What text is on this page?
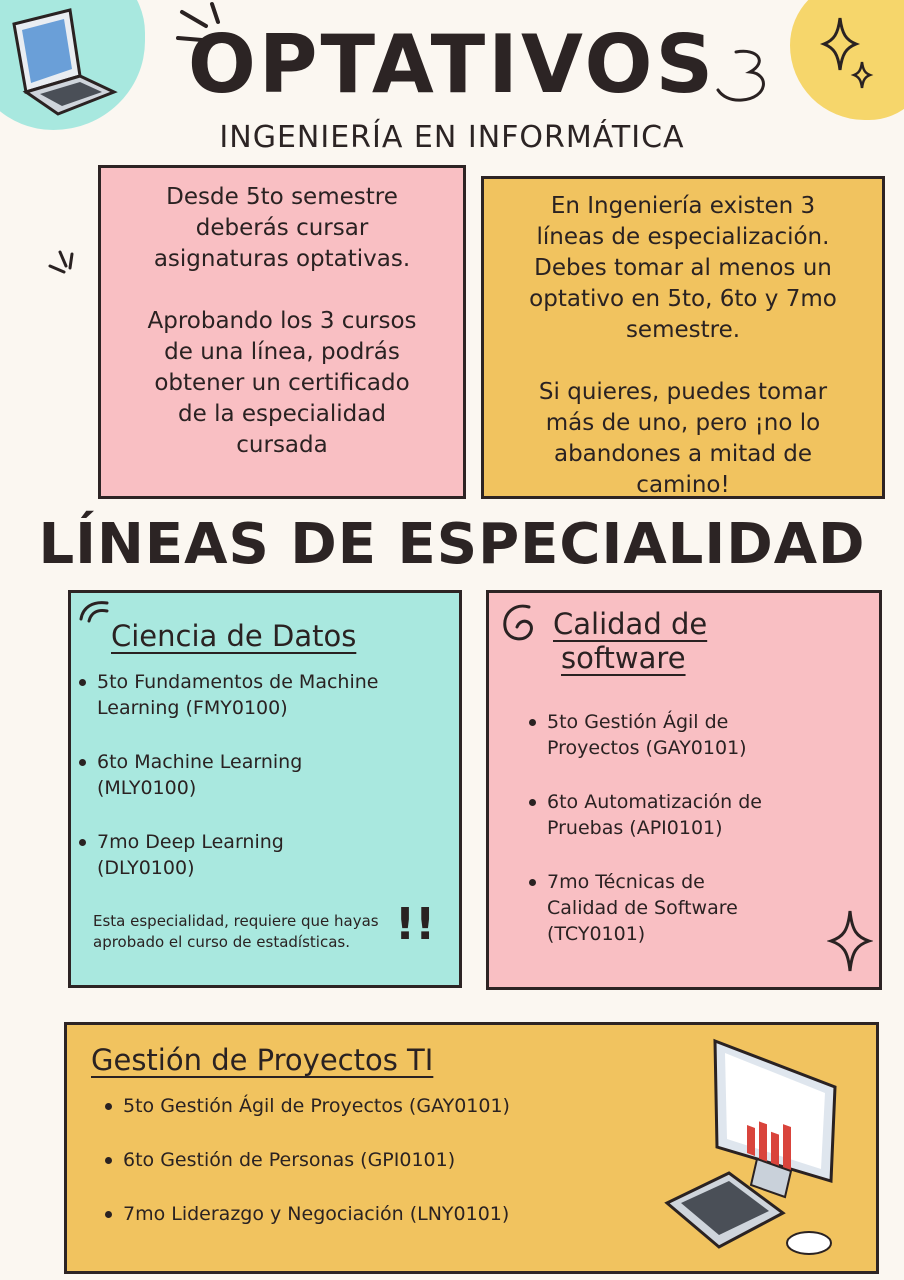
OPTATIVOS
INGENIERÍA EN INFORMÁTICA
Desde 5to semestre
deberás cursar
asignaturas optativas.

Aprobando los 3 cursos
de una línea, podrás
obtener un certificado
de la especialidad
cursada
En Ingeniería existen 3
líneas de especialización.
Debes tomar al menos un
optativo en 5to, 6to y 7mo
semestre.

Si quieres, puedes tomar
más de uno, pero ¡no lo
abandones a mitad de
camino!
LÍNEAS DE ESPECIALIDAD
Ciencia de Datos
5to Fundamentos de Machine
Learning (FMY0100)
6to Machine Learning
(MLY0100)
7mo Deep Learning
(DLY0100)
Esta especialidad, requiere que hayas aprobado el curso de estadísticas.	!!
Calidad de
software
5to Gestión Ágil de
Proyectos (GAY0101)
6to Automatización de
Pruebas (API0101)
7mo Técnicas de
Calidad de Software
(TCY0101)
Gestión de Proyectos TI
5to Gestión Ágil de Proyectos (GAY0101)
6to Gestión de Personas (GPI0101)
7mo Liderazgo y Negociación (LNY0101)
